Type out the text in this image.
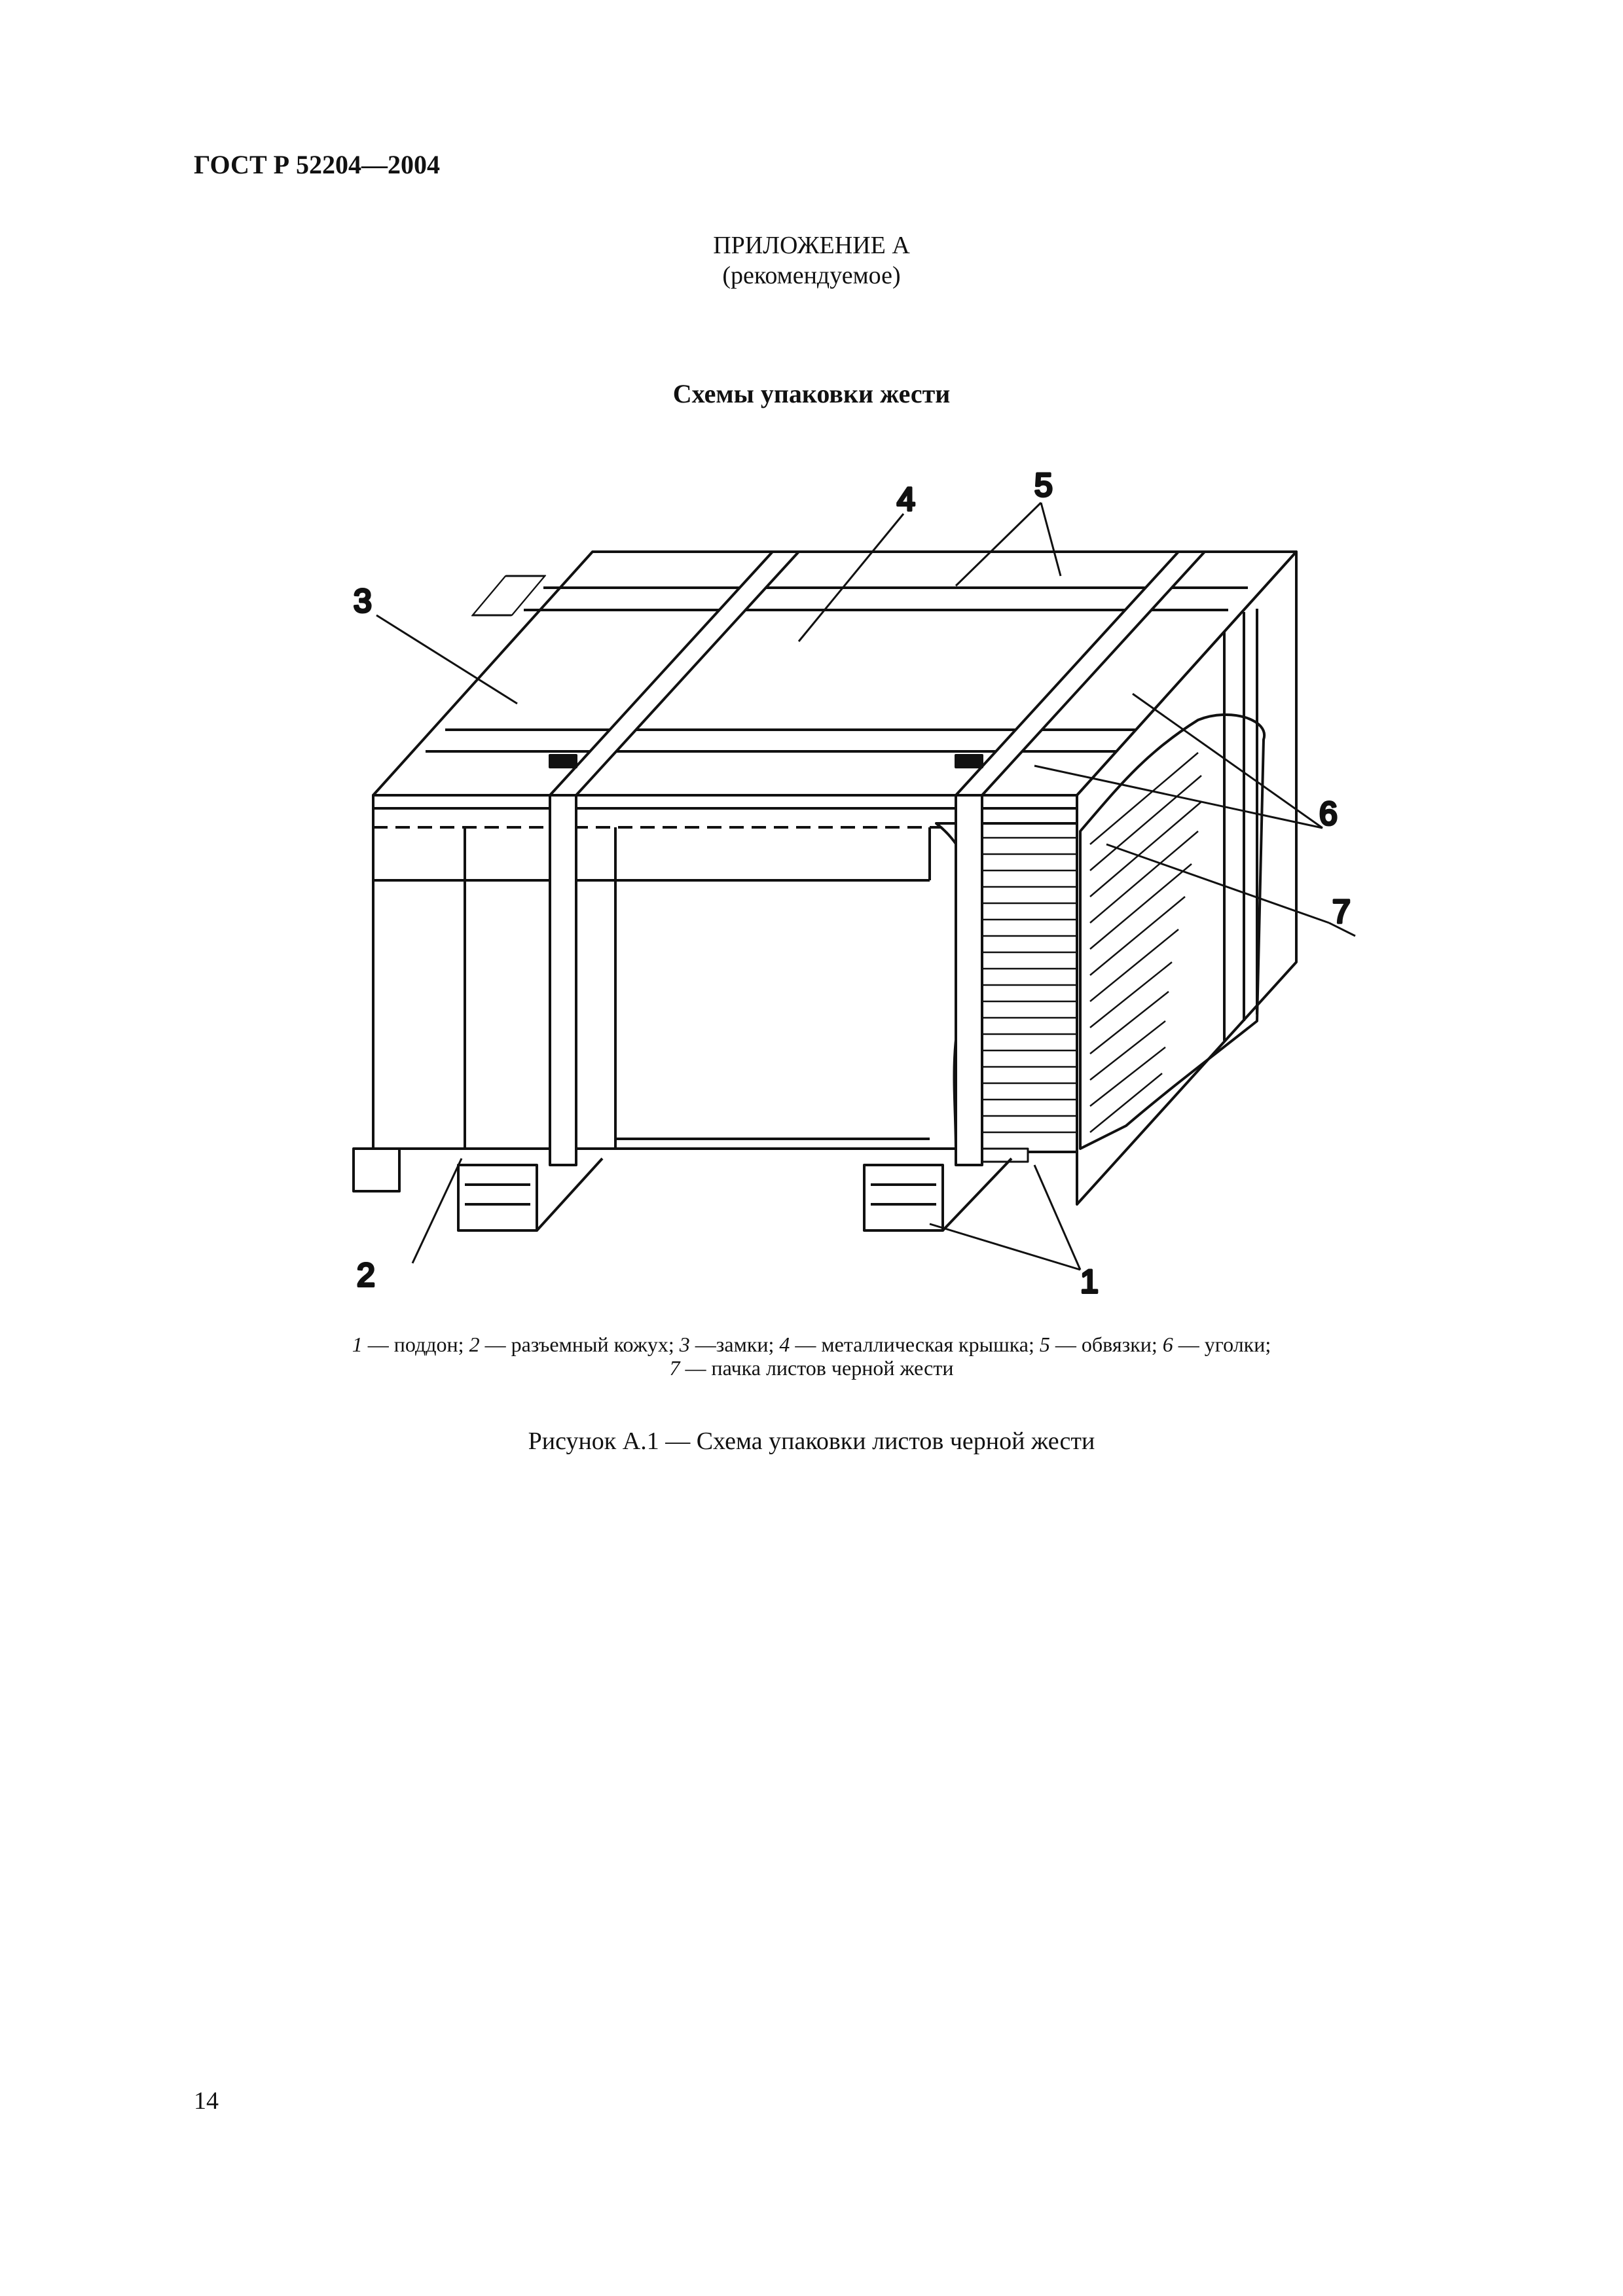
ГОСТ Р 52204—2004
ПРИЛОЖЕНИЕ А
(рекомендуемое)
Схемы упаковки жести
3
4	5
6
7
2	1
1 — поддон; 2 — разъемный кожух; 3 —замки; 4 — металлическая крышка; 5 — обвязки; 6 — уголки;
7 — пачка листов черной жести
Рисунок А.1 — Схема упаковки листов черной жести
14
